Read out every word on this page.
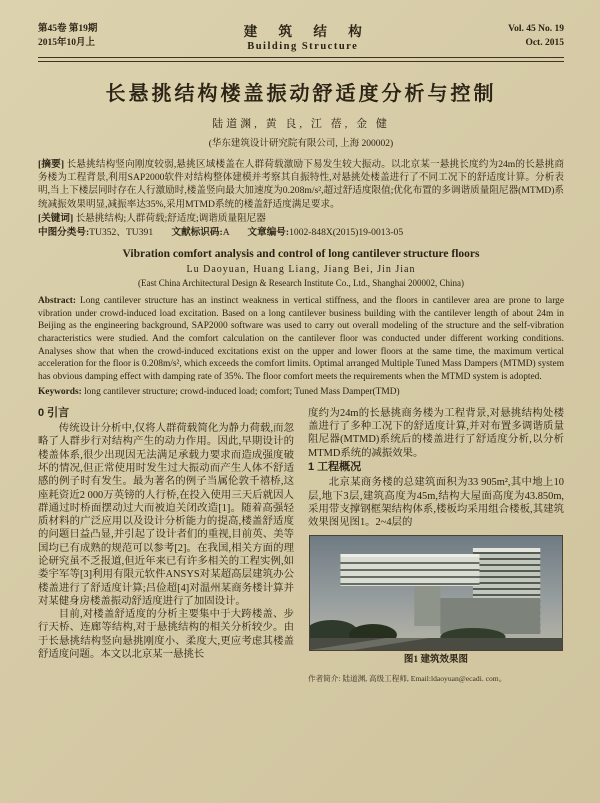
第45卷 第19期
2015年10月上
建 筑 结 构
Building Structure
Vol. 45 No. 19
Oct. 2015
长悬挑结构楼盖振动舒适度分析与控制
陆道渊, 黄 良, 江 蓓, 金 健
(华东建筑设计研究院有限公司, 上海 200002)

[摘要] 长悬挑结构竖向刚度较弱,悬挑区域楼盖在人群荷载激励下易发生较大振动。以北京某一悬挑长度约为24m的长悬挑商务楼为工程背景,利用SAP2000软件对结构整体建模并考察其自振特性,对悬挑处楼盖进行了不同工况下的舒适度计算。分析表明,当上下楼层同时存在人行激励时,楼盖竖向最大加速度为0.208m/s²,超过舒适度限值;优化布置的多调谐质量阻尼器(MTMD)系统减振效果明显,减振率达35%,采用MTMD系统的楼盖舒适度满足要求。

[关键词] 长悬挑结构;人群荷载;舒适度;调谐质量阻尼器

中图分类号:TU352、TU391 文献标识码:A 文章编号:1002-848X(2015)19-0013-05

Vibration comfort analysis and control of long cantilever structure floors
Lu Daoyuan, Huang Liang, Jiang Bei, Jin Jian
(East China Architectural Design & Research Institute Co., Ltd., Shanghai 200002, China)

Abstract: Long cantilever structure has an instinct weakness in vertical stiffness, and the floors in cantilever area are prone to large vibration under crowd-induced load excitation. Based on a long cantilever business building with the cantilever length of about 24m in Beijing as the engineering background, SAP2000 software was used to carry out overall modeling of the structure and the self-vibration characteristics were studied. And the comfort calculation on the cantilever floor was conducted under different working conditions. Analyses show that when the crowd-induced excitations exist on the upper and lower floors at the same time, the maximum vertical acceleration for the floor is 0.208m/s², which exceeds the comfort limits. Optimal arranged Multiple Tuned Mass Dampers (MTMD) system has obvious damping effect with damping rate of 35%. The floor comfort meets the requirements when the MTMD system is adopted.

Keywords: long cantilever structure; crowd-induced load; comfort; Tuned Mass Damper(TMD)

0 引言

传统设计分析中,仅将人群荷载简化为静力荷载,而忽略了人群步行对结构产生的动力作用。因此,早期设计的楼盖体系,很少出现因无法满足承载力要求而造成强度破坏的情况,但正常使用时发生过大振动而产生人体不舒适感的例子时有发生。最为著名的例子当属伦敦千禧桥,这座耗资近2 000万英镑的人行桥,在投入使用三天后就因人群通过时桥面摆动过大而被迫关闭改造[1]。随着高强轻质材料的广泛应用以及设计分析能力的提高,楼盖舒适度的问题日益凸显,并引起了设计者们的重视,目前英、美等国均已有成熟的规范可以参考[2]。在我国,相关方面的理论研究虽不乏报道,但近年来已有许多相关的工程实例,如娄宇军等[3]利用有限元软件ANSYS对某超高层建筑办公楼盖进行了舒适度计算;吕俭超[4]对温州某商务楼计算并对某健身房楼盖振动舒适度进行了加固设计。

目前,对楼盖舒适度的分析主要集中于大跨楼盖、步行天桥、连廊等结构,对于悬挑结构的相关分析较少。由于长悬挑结构竖向悬挑刚度小、柔度大,更应考虑其楼盖舒适度问题。本文以北京某一悬挑长

度约为24m的长悬挑商务楼为工程背景,对悬挑结构处楼盖进行了多种工况下的舒适度计算,并对布置多调谐质量阻尼器(MTMD)系统后的楼盖进行了舒适度分析,以分析MTMD系统的减振效果。

1 工程概况

北京某商务楼的总建筑面积为33 905m²,其中地上10层,地下3层,建筑高度为45m,结构大屋面高度为43.850m,采用带支撑钢框架结构体系,楼板均采用组合楼板,其建筑效果图见图1。2~4层的

图1 建筑效果图
作者简介: 陆道渊, 高级工程师, Email:ldaoyuan@ecadi. com。
